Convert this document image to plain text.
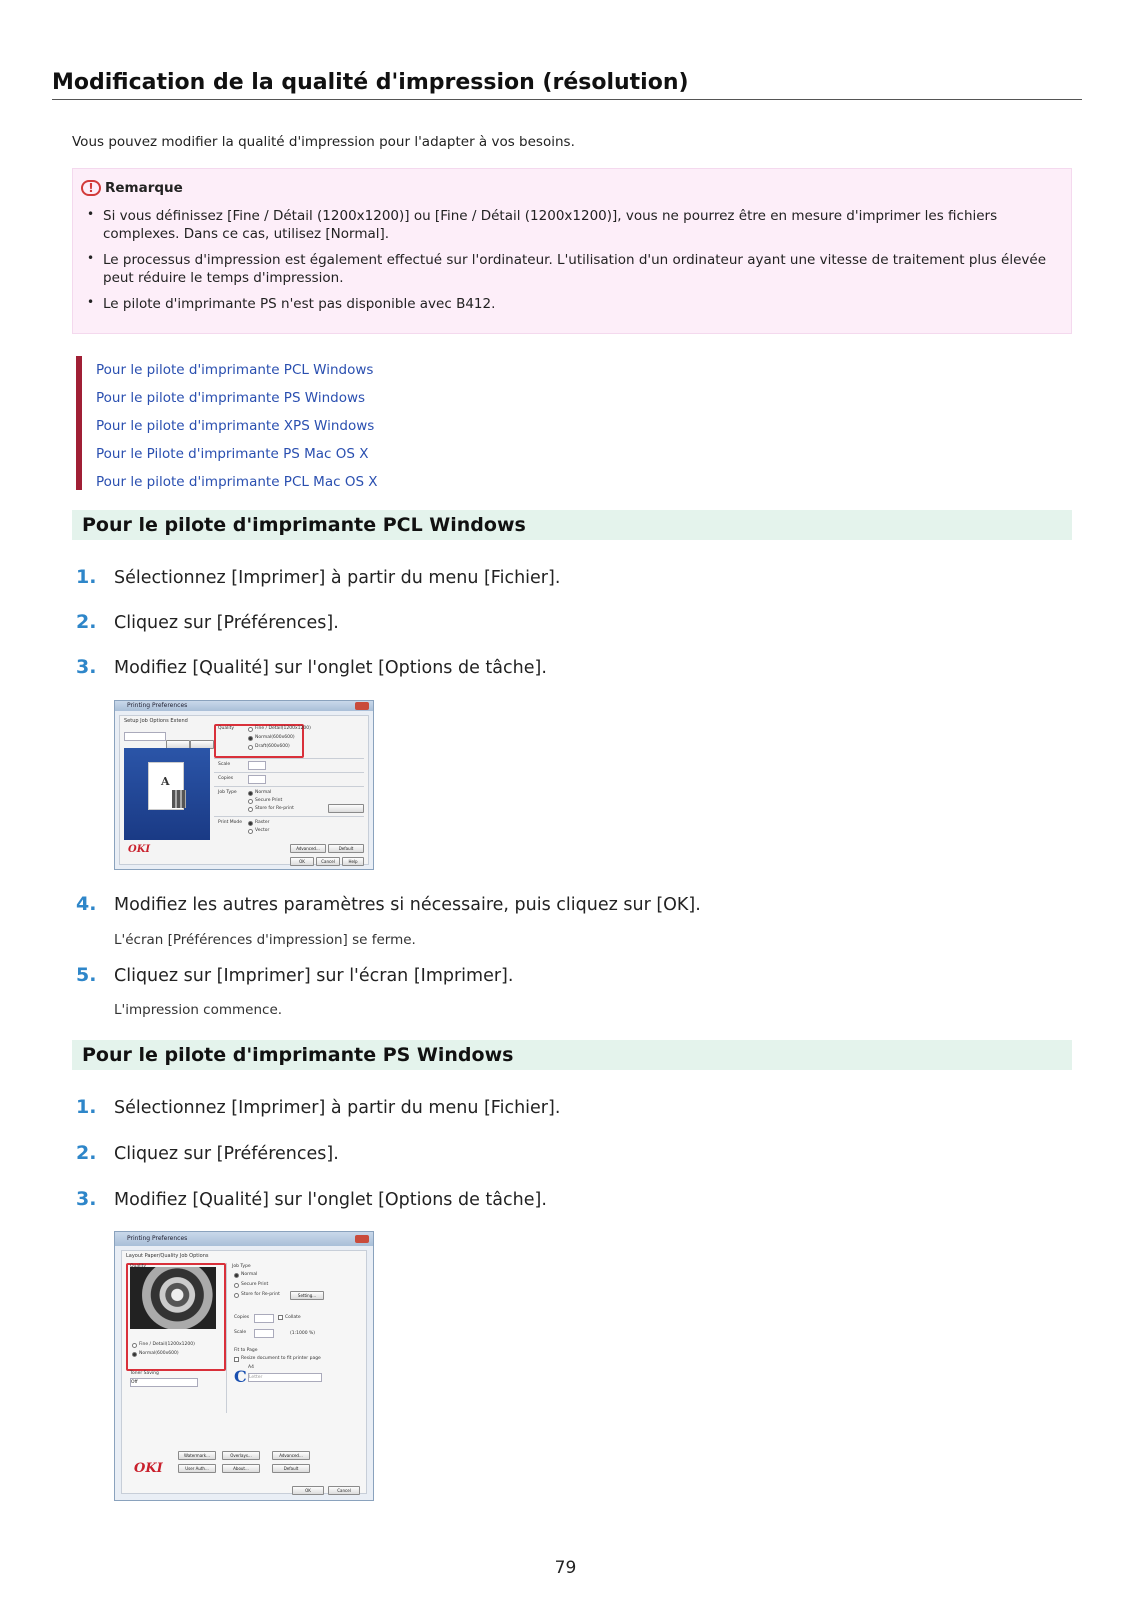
Modification de la qualité d'impression (résolution)
Vous pouvez modifier la qualité d'impression pour l'adapter à vos besoins.
! Remarque
• Si vous définissez [Fine / Détail (1200x1200)] ou [Fine / Détail (1200x1200)], vous ne pourrez être en mesure d'imprimer les fichiers complexes. Dans ce cas, utilisez [Normal].
• Le processus d'impression est également effectué sur l'ordinateur. L'utilisation d'un ordinateur ayant une vitesse de traitement plus élevée peut réduire le temps d'impression.
• Le pilote d'imprimante PS n'est pas disponible avec B412.
Pour le pilote d'imprimante PCL Windows
Pour le pilote d'imprimante PS Windows
Pour le pilote d'imprimante XPS Windows
Pour le Pilote d'imprimante PS Mac OS X
Pour le pilote d'imprimante PCL Mac OS X
Pour le pilote d'imprimante PCL Windows
1.	Sélectionnez [Imprimer] à partir du menu [Fichier].
2.	Cliquez sur [Préférences].
3.	Modifiez [Qualité] sur l'onglet [Options de tâche].
Printing Preferences
Setup Job Options Extend
A
Quality	Fine / Detail(1200x1200)
Normal(600x600)
Draft(600x600)
Scale
Copies
Job Type	Normal
Secure Print
Store for Re-print
Print Mode	Raster
Vector
OKI	Advanced...	Default
OK	Cancel	Help
4.	Modifiez les autres paramètres si nécessaire, puis cliquez sur [OK].
L'écran [Préférences d'impression] se ferme.
5.	Cliquez sur [Imprimer] sur l'écran [Imprimer].
L'impression commence.
Pour le pilote d'imprimante PS Windows
1.	Sélectionnez [Imprimer] à partir du menu [Fichier].
2.	Cliquez sur [Préférences].
3.	Modifiez [Qualité] sur l'onglet [Options de tâche].
Printing Preferences
Layout Paper/Quality Job Options
Fine / Detail(1200x1200)
Normal(600x600)
Toner Saving
Off
Job Type
Normal
Secure Print
Store for Re-print	Setting...
Copies	Collate
Scale	(1:1000 %)
Fit to Page
Resize document to fit printer page
A4
C Letter
Watermark...	Overlays...	Advanced...
OKI	User Auth...	About...	Default
OK	Cancel
79
